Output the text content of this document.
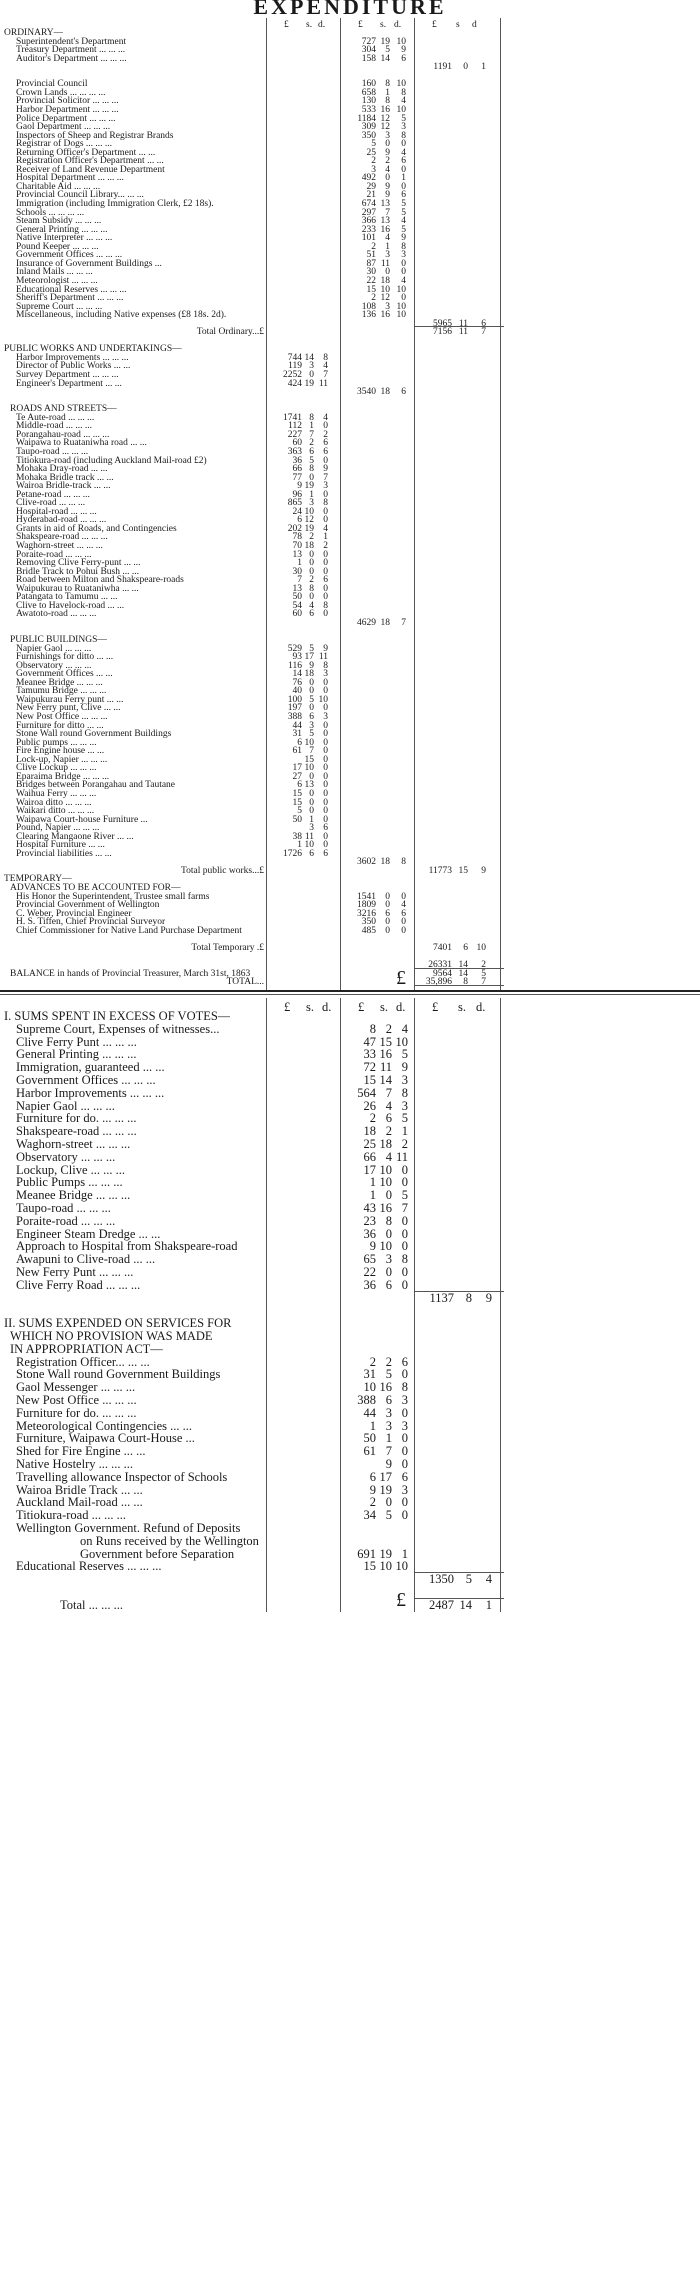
EXPENDITURE
£ s. d.	£ s. d.	£ s d
ORDINARY—
Superintendent's Department	727 19 10
Treasury Department ... ... ...	304 5	9
Auditor's Department ... ... ...	158 14	6
1191	0	1
Provincial Council	160 8 10
Crown Lands ... ... ... ...	658 1	8
Provincial Solicitor ... ... ...	130 8	4
Harbor Department ... ... ...	533 16 10
Police Department ... ... ...	1184 12	5
Gaol Department ... ... ...	309 12	3
Inspectors of Sheep and Registrar Brands	350 3	8
Registrar of Dogs ... ... ...	5 0	0
Returning Officer's Department ... ...	25 9	4
Registration Officer's Department ... ...	2 2	6
Receiver of Land Revenue Department	3 4	0
Hospital Department ... ... ...	492 0	1
Charitable Aid ... ... ...	29 9	0
Provincial Council Library... ... ...	21 9	6
Immigration (including Immigration Clerk, £2 18s).	674 13	5
Schools ... ... ... ...	297 7	5
Steam Subsidy ... ... ...	366 13	4
General Printing ... ... ...	233 16	5
Native Interpreter ... ... ...	101 4	9
Pound Keeper ... ... ...	2 1	8
Government Offices ... ... ...	51 3	3
Insurance of Government Buildings ...	87 11	0
Inland Mails ... ... ...	30 0	0
Meteorologist ... ... ...	22 18	4
Educational Reserves ... ... ...	15 10 10
Sheriff's Department ... ... ...	2 12	0
Supreme Court ... ... ...	108 3 10
Miscellaneous, including Native expenses (£8 18s. 2d).	136 16 10
5965 11	6
Total Ordinary...£	7156 11	7
PUBLIC WORKS AND UNDERTAKINGS—
Harbor Improvements ... ... ...	744 14 8
Director of Public Works ... ...	119 3 4
Survey Department ... ... ...	2252 0 7
Engineer's Department ... ...	424 19 11
3540 18	6
ROADS AND STREETS—
Te Aute-road ... ... ...	1741 8 4
Middle-road ... ... ...	112 1 0
Porangahau-road ... ... ...	227 7 2
Waipawa to Ruataniwha road ... ...	60 2 6
Taupo-road ... ... ...	363 6 6
Titiokura-road (including Auckland Mail-road £2)	36 5 0
Mohaka Dray-road ... ...	66 8 9
Mohaka Bridle track ... ...	77 0 7
Wairoa Bridle-track ... ...	9 19 3
Petane-road ... ... ...	96 1 0
Clive-road ... ... ...	865 3 8
Hospital-road ... ... ...	24 10 0
Hyderabad-road ... ... ...	6 12 0
Grants in aid of Roads, and Contingencies	202 19 4
Shakspeare-road ... ... ...	78 2 1
Waghorn-street ... ... ...	70 18 2
Poraite-road ... ... ...	13 0 0
Removing Clive Ferry-punt ... ...	1 0 0
Bridle Track to Pohui Bush ... ...	30 0 0
Road between Milton and Shakspeare-roads	7 2 6
Waipukurau to Ruataniwha ... ...	13 8 0
Patangata to Tamumu ... ...	50 0 0
Clive to Havelock-road ... ...	54 4 8
Awatoto-road ... ... ...	60 6 0
4629 18	7
PUBLIC BUILDINGS—
Napier Gaol ... ... ...	529 5 9
Furnishings for ditto ... ...	93 17 11
Observatory ... ... ...	116 9 8
Government Offices ... ...	14 18 3
Meanee Bridge ... ... ...	76 0 0
Tamumu Bridge ... ... ...	40 0 0
Waipukurau Ferry punt ... ...	100 5 10
New Ferry punt, Clive ... ...	197 0 0
New Post Office ... ... ...	388 6 3
Furniture for ditto ... ...	44 3 0
Stone Wall round Government Buildings	31 5 0
Public pumps ... ... ...	6 10 0
Fire Engine house ... ...	61 7 0
Lock-up, Napier ... ... ...	15 0
Clive Lockup ... ... ...	17 10 0
Eparaima Bridge ... ... ...	27 0 0
Bridges between Porangahau and Tautane	6 13 0
Waihua Ferry ... ... ...	15 0 0
Wairoa ditto ... ... ...	15 0 0
Waikari ditto ... ... ...	5 0 0
Waipawa Court-house Furniture ...	50 1 0
Pound, Napier ... ... ...	3 6
Clearing Mangaone River ... ...	38 11 0
Hospital Furniture ... ...	1 10 0
Provincial liabilities ... ...	1726 6 6
3602 18	8
Total public works...£	11773 15	9
TEMPORARY—
ADVANCES TO BE ACCOUNTED FOR—
His Honor the Superintendent, Trustee small farms	1541 0	0
Provincial Government of Wellington	1809 0	4
C. Weber, Provincial Engineer	3216 6	6
H. S. Tiffen, Chief Provincial Surveyor	350 0	0
Chief Commissioner for Native Land Purchase Department	485 0	0
Total Temporary .£	7401	6 10
26331 14	2
BALANCE in hands of Provincial Treasurer, March 31st, 1863	9564 14	5
TOTAL...	35,896	8	7
I. SUMS SPENT IN EXCESS OF VOTES—
Supreme Court, Expenses of witnesses...	8 2 4
Clive Ferry Punt ... ... ...	47 15 10
General Printing ... ... ...	33 16 5
Immigration, guaranteed ... ...	72 11 9
Government Offices ... ... ...	15 14 3
Harbor Improvements ... ... ...	564 7 8
Napier Gaol ... ... ...	26 4 3
Furniture for do. ... ... ...	2 6 5
Shakspeare-road ... ... ...	18 2 1
Waghorn-street ... ... ...	25 18 2
Observatory ... ... ...	66 4 11
Lockup, Clive ... ... ...	17 10 0
Public Pumps ... ... ...	1 10 0
Meanee Bridge ... ... ...	1 0 5
Taupo-road ... ... ...	43 16 7
Poraite-road ... ... ...	23 8 0
Engineer Steam Dredge ... ...	36 0 0
Approach to Hospital from Shakspeare-road	9 10 0
Awapuni to Clive-road ... ...	65 3 8
New Ferry Punt ... ... ...	22 0 0
Clive Ferry Road ... ... ...	36 6 0
1137 8	9
II. SUMS EXPENDED ON SERVICES FOR
WHICH NO PROVISION WAS MADE
IN APPROPRIATION ACT—
Registration Officer... ... ...	2 2 6
Stone Wall round Government Buildings	31 5 0
Gaol Messenger ... ... ...	10 16 8
New Post Office ... ... ...	388 6 3
Furniture for do. ... ... ...	44 3 0
Meteorological Contingencies ... ...	1 3 3
Furniture, Waipawa Court-House ...	50 1 0
Shed for Fire Engine ... ...	61 7 0
Native Hostelry ... ... ...	9 0
Travelling allowance Inspector of Schools	6 17 6
Wairoa Bridle Track ... ...	9 19 3
Auckland Mail-road ... ...	2 0 0
Titiokura-road ... ... ...	34 5 0
Wellington Government. Refund of Deposits
on Runs received by the Wellington
Government before Separation	691 19 1
Educational Reserves ... ... ...	15 10 10
1350 5	4
Total ... ... ...	2487 14	1
£
£ s. d. £ s. d. £ s. d.
£
